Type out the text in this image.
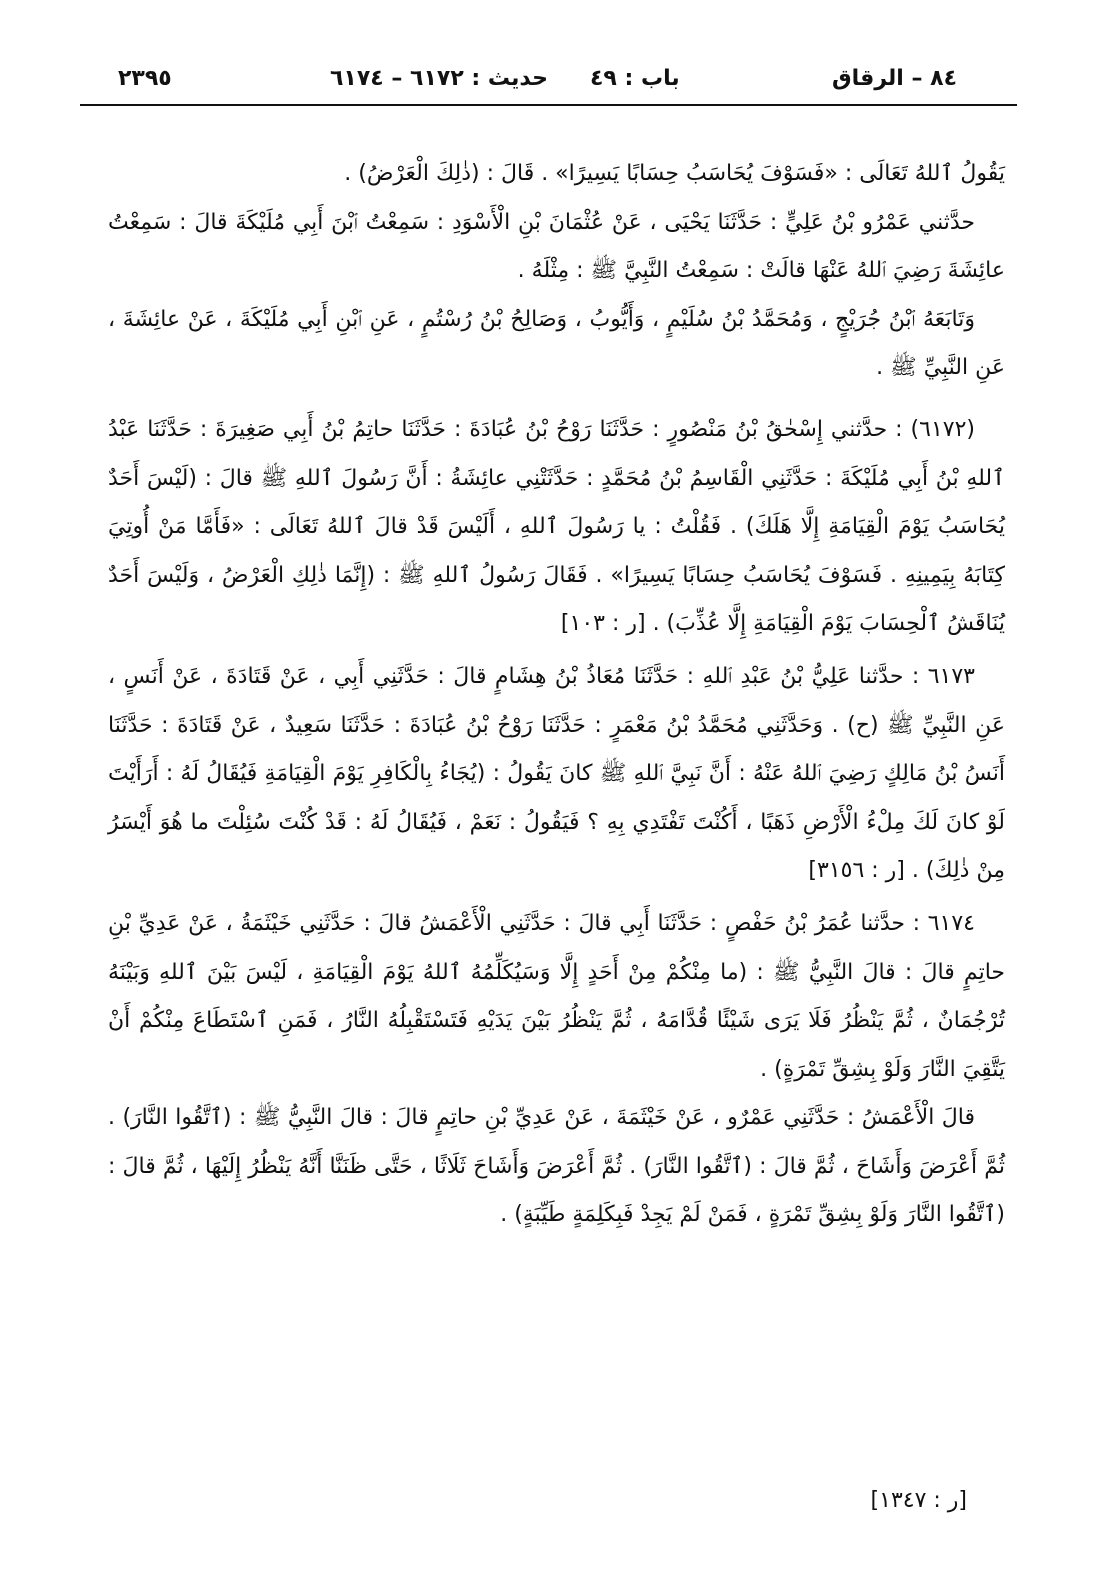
٢٣٩٥	حديث : ٦١٧٢ – ٦١٧٤ باب : ٤٩	٨٤ – الرقاق

يَقُولُ ٱللهُ تَعَالَى : «فَسَوْفَ يُحَاسَبُ حِسَابًا يَسِيرًا» . قَالَ : (ذٰلِكَ الْعَرْضُ) .

حدَّثني عَمْرُو بْنُ عَلِيٍّ : حَدَّثَنَا يَحْيَى ، عَنْ عُثْمَانَ بْنِ الْأَسْوَدِ : سَمِعْتُ ٱبْنَ أَبِي مُلَيْكَةَ قالَ : سَمِعْتُ عائِشَةَ رَضِيَ ٱللهُ عَنْهَا قالَتْ : سَمِعْتُ النَّبِيَّ ﷺ : مِثْلَهُ .

وَتَابَعَهُ ٱبْنُ جُرَيْجٍ ، وَمُحَمَّدُ بْنُ سُلَيْمٍ ، وَأَيُّوبُ ، وَصَالِحُ بْنُ رُسْتُمٍ ، عَنِ ٱبْنِ أَبِي مُلَيْكَةَ ، عَنْ عائِشَةَ ، عَنِ النَّبِيِّ ﷺ .

(٦١٧٢) : حدَّثني إِسْحٰقُ بْنُ مَنْصُورٍ : حَدَّثَنَا رَوْحُ بْنُ عُبَادَةَ : حَدَّثَنَا حاتِمُ بْنُ أَبِي صَغِيرَةَ : حَدَّثَنَا عَبْدُ ٱللهِ بْنُ أَبِي مُلَيْكَةَ : حَدَّثَنِي الْقَاسِمُ بْنُ مُحَمَّدٍ : حَدَّثَتْنِي عائِشَةُ : أَنَّ رَسُولَ ٱللهِ ﷺ قالَ : (لَيْسَ أَحَدٌ يُحَاسَبُ يَوْمَ الْقِيَامَةِ إِلَّا هَلَكَ) . فَقُلْتُ : يا رَسُولَ ٱللهِ ، أَلَيْسَ قَدْ قالَ ٱللهُ تَعَالَى : «فَأَمَّا مَنْ أُوتِيَ كِتَابَهُ بِيَمِينِهِ . فَسَوْفَ يُحَاسَبُ حِسَابًا يَسِيرًا» . فَقَالَ رَسُولُ ٱللهِ ﷺ : (إِنَّمَا ذٰلِكِ الْعَرْضُ ، وَلَيْسَ أَحَدٌ يُنَاقَشُ ٱلْحِسَابَ يَوْمَ الْقِيَامَةِ إِلَّا عُذِّبَ) . [ر : ١٠٣]

٦١٧٣ : حدَّثنا عَلِيُّ بْنُ عَبْدِ ٱللهِ : حَدَّثَنَا مُعَاذُ بْنُ هِشَامٍ قالَ : حَدَّثَنِي أَبِي ، عَنْ قَتَادَةَ ، عَنْ أَنَسٍ ، عَنِ النَّبِيِّ ﷺ (ح) . وَحَدَّثَنِي مُحَمَّدُ بْنُ مَعْمَرٍ : حَدَّثَنَا رَوْحُ بْنُ عُبَادَةَ : حَدَّثَنَا سَعِيدٌ ، عَنْ قَتَادَةَ : حَدَّثَنَا أَنَسُ بْنُ مَالِكٍ رَضِيَ ٱللهُ عَنْهُ : أَنَّ نَبِيَّ ٱللهِ ﷺ كانَ يَقُولُ : (يُجَاءُ بِالْكَافِرِ يَوْمَ الْقِيَامَةِ فَيُقَالُ لَهُ : أَرَأَيْتَ لَوْ كانَ لَكَ مِلْءُ الْأَرْضِ ذَهَبًا ، أَكُنْتَ تَفْتَدِي بِهِ ؟ فَيَقُولُ : نَعَمْ ، فَيُقَالُ لَهُ : قَدْ كُنْتَ سُئِلْتَ ما هُوَ أَيْسَرُ مِنْ ذٰلِكَ) . [ر : ٣١٥٦]

٦١٧٤ : حدَّثنا عُمَرُ بْنُ حَفْصٍ : حَدَّثَنَا أَبِي قالَ : حَدَّثَنِي الْأَعْمَشُ قالَ : حَدَّثَنِي خَيْثَمَةُ ، عَنْ عَدِيِّ بْنِ حاتِمٍ قالَ : قالَ النَّبِيُّ ﷺ : (ما مِنْكُمْ مِنْ أَحَدٍ إِلَّا وَسَيُكَلِّمُهُ ٱللهُ يَوْمَ الْقِيَامَةِ ، لَيْسَ بَيْنَ ٱللهِ وَبَيْنَهُ تُرْجُمَانٌ ، ثُمَّ يَنْظُرُ فَلَا يَرَى شَيْئًا قُدَّامَهُ ، ثُمَّ يَنْظُرُ بَيْنَ يَدَيْهِ فَتَسْتَقْبِلُهُ النَّارُ ، فَمَنِ ٱسْتَطَاعَ مِنْكُمْ أَنْ يَتَّقِيَ النَّارَ وَلَوْ بِشِقِّ تَمْرَةٍ) .

قالَ الْأَعْمَشُ : حَدَّثَنِي عَمْرٌو ، عَنْ خَيْثَمَةَ ، عَنْ عَدِيِّ بْنِ حاتِمٍ قالَ : قالَ النَّبِيُّ ﷺ : (ٱتَّقُوا النَّارَ) . ثُمَّ أَعْرَضَ وَأَشَاحَ ، ثُمَّ قالَ : (ٱتَّقُوا النَّارَ) . ثُمَّ أَعْرَضَ وَأَشَاحَ ثَلَاثًا ، حَتَّى ظَنَنَّا أَنَّهُ يَنْظُرُ إِلَيْهَا ، ثُمَّ قالَ : (ٱتَّقُوا النَّارَ وَلَوْ بِشِقِّ تَمْرَةٍ ، فَمَنْ لَمْ يَجِدْ فَبِكَلِمَةٍ طَيِّبَةٍ) .

[ر : ١٣٤٧]
